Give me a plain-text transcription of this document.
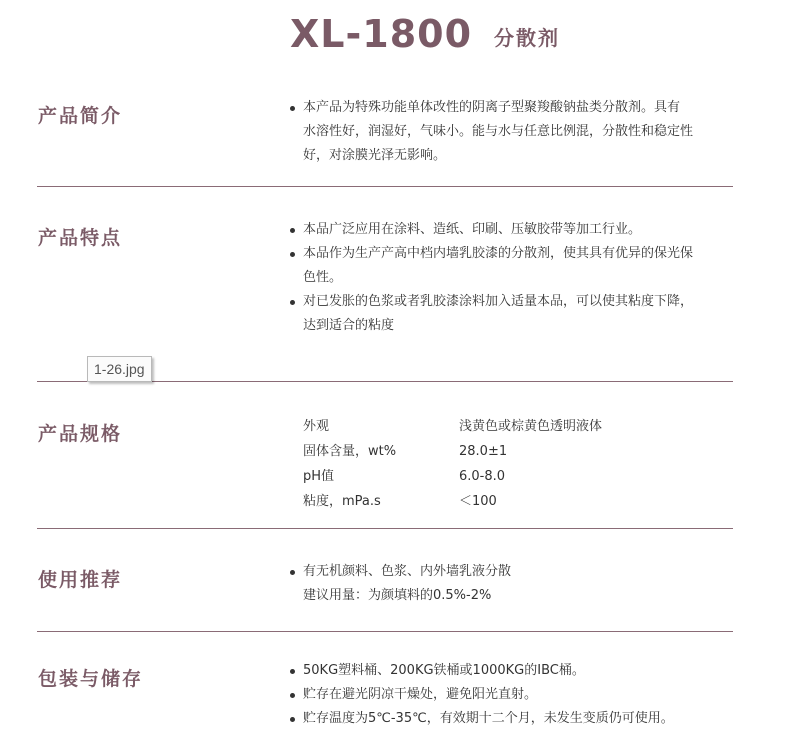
XL-1800 分散剂
产品简介	本产品为特殊功能单体改性的阴离子型聚羧酸钠盐类分散剂。具有
水溶性好，润湿好，气味小。能与水与任意比例混，分散性和稳定性
好，对涂膜光泽无影响。
产品特点	本品广泛应用在涂料、造纸、印刷、压敏胶带等加工行业。
本品作为生产产高中档内墙乳胶漆的分散剂，使其具有优异的保光保
色性。
对已发胀的色浆或者乳胶漆涂料加入适量本品，可以使其粘度下降，
达到适合的粘度
1-26.jpg
产品规格	外观	浅黄色或棕黄色透明液体
固体含量，wt%	28.0±1
pH值	6.0-8.0
粘度，mPa.s	＜100
使用推荐	有无机颜料、色浆、内外墙乳液分散
建议用量：为颜填料的0.5%-2%
包装与储存	50KG塑料桶、200KG铁桶或1000KG的IBC桶。
贮存在避光阴凉干燥处，避免阳光直射。
贮存温度为5℃-35℃，有效期十二个月，未发生变质仍可使用。
